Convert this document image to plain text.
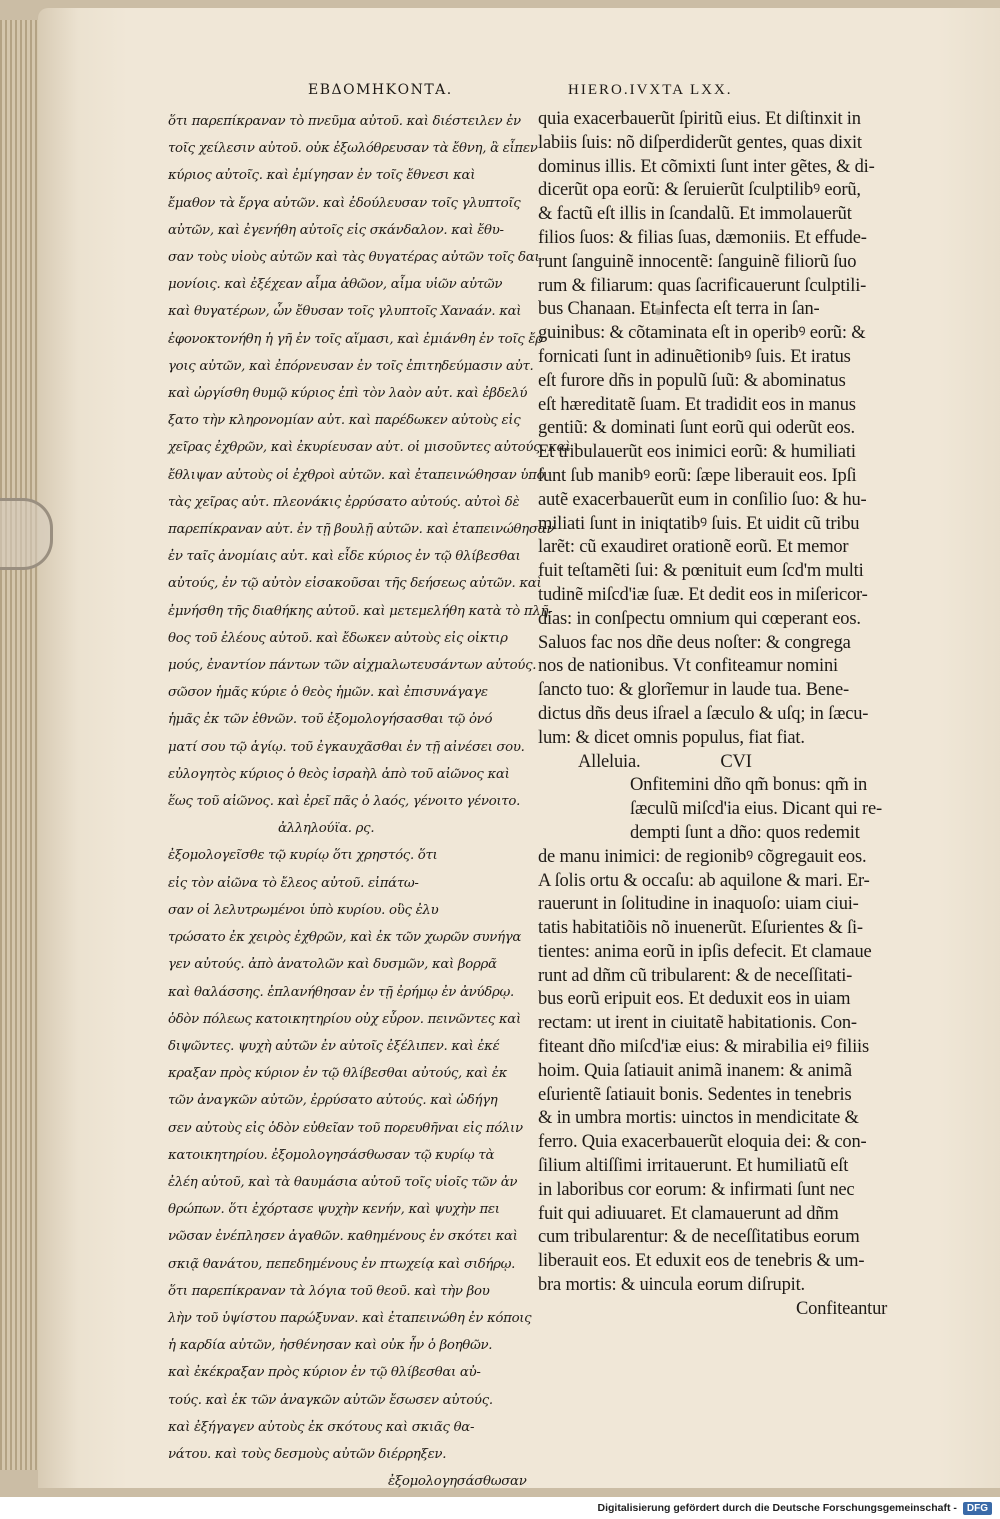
ΕΒΔΟΜΗΚΟΝΤΑ.	HIERO.IVXTA LXX.
ὅτι παρεπίκραναν τὸ πνεῦμα αὐτοῦ. καὶ διέστειλεν ἐν
τοῖς χείλεσιν αὐτοῦ. οὐκ ἐξωλόθρευσαν τὰ ἔθνη, ἃ εἶπεν
κύριος αὐτοῖς. καὶ ἐμίγησαν ἐν τοῖς ἔθνεσι καὶ
ἔμαθον τὰ ἔργα αὐτῶν. καὶ ἐδούλευσαν τοῖς γλυπτοῖς
αὐτῶν, καὶ ἐγενήθη αὐτοῖς εἰς σκάνδαλον. καὶ ἔθυ-
σαν τοὺς υἱοὺς αὐτῶν καὶ τὰς θυγατέρας αὐτῶν τοῖς δαι
μονίοις. καὶ ἐξέχεαν αἷμα ἀθῶον, αἷμα υἱῶν αὐτῶν
καὶ θυγατέρων, ὧν ἔθυσαν τοῖς γλυπτοῖς Χαναάν. καὶ
ἐφονοκτονήθη ἡ γῆ ἐν τοῖς αἵμασι, καὶ ἐμιάνθη ἐν τοῖς ἔρ
γοις αὐτῶν, καὶ ἐπόρνευσαν ἐν τοῖς ἐπιτηδεύμασιν αὐτ.
καὶ ὠργίσθη θυμῷ κύριος ἐπὶ τὸν λαὸν αὐτ. καὶ ἐβδελύ
ξατο τὴν κληρονομίαν αὐτ. καὶ παρέδωκεν αὐτοὺς εἰς
χεῖρας ἐχθρῶν, καὶ ἐκυρίευσαν αὐτ. οἱ μισοῦντες αὐτούς. καὶ
ἔθλιψαν αὐτοὺς οἱ ἐχθροὶ αὐτῶν. καὶ ἐταπεινώθησαν ὑπὸ
τὰς χεῖρας αὐτ. πλεονάκις ἐρρύσατο αὐτούς. αὐτοὶ δὲ
παρεπίκραναν αὐτ. ἐν τῇ βουλῇ αὐτῶν. καὶ ἐταπεινώθησαν
ἐν ταῖς ἀνομίαις αὐτ. καὶ εἶδε κύριος ἐν τῷ θλίβεσθαι
αὐτούς, ἐν τῷ αὐτὸν εἰσακοῦσαι τῆς δεήσεως αὐτῶν. καὶ
ἐμνήσθη τῆς διαθήκης αὐτοῦ. καὶ μετεμελήθη κατὰ τὸ πλῆ-
θος τοῦ ἐλέους αὐτοῦ. καὶ ἔδωκεν αὐτοὺς εἰς οἰκτιρ
μούς, ἐναντίον πάντων τῶν αἰχμαλωτευσάντων αὐτούς.
σῶσον ἡμᾶς κύριε ὁ θεὸς ἡμῶν. καὶ ἐπισυνάγαγε
ἡμᾶς ἐκ τῶν ἐθνῶν. τοῦ ἐξομολογήσασθαι τῷ ὀνό
ματί σου τῷ ἁγίῳ. τοῦ ἐγκαυχᾶσθαι ἐν τῇ αἰνέσει σου.
εὐλογητὸς κύριος ὁ θεὸς ἰσραὴλ ἀπὸ τοῦ αἰῶνος καὶ
ἕως τοῦ αἰῶνος. καὶ ἐρεῖ πᾶς ὁ λαός, γένοιτο γένοιτο.
ἀλληλούϊα. ρς.
ἐξομολογεῖσθε τῷ κυρίῳ ὅτι χρηστός. ὅτι
εἰς τὸν αἰῶνα τὸ ἔλεος αὐτοῦ. εἰπάτω-
σαν οἱ λελυτρωμένοι ὑπὸ κυρίου. οὓς ἐλυ
τρώσατο ἐκ χειρὸς ἐχθρῶν, καὶ ἐκ τῶν χωρῶν συνήγα
γεν αὐτούς. ἀπὸ ἀνατολῶν καὶ δυσμῶν, καὶ βορρᾶ
καὶ θαλάσσης. ἐπλανήθησαν ἐν τῇ ἐρήμῳ ἐν ἀνύδρῳ.
ὁδὸν πόλεως κατοικητηρίου οὐχ εὗρον. πεινῶντες καὶ
διψῶντες. ψυχὴ αὐτῶν ἐν αὐτοῖς ἐξέλιπεν. καὶ ἐκέ
κραξαν πρὸς κύριον ἐν τῷ θλίβεσθαι αὐτούς, καὶ ἐκ
τῶν ἀναγκῶν αὐτῶν, ἐρρύσατο αὐτούς. καὶ ὡδήγη
σεν αὐτοὺς εἰς ὁδὸν εὐθεῖαν τοῦ πορευθῆναι εἰς πόλιν
κατοικητηρίου. ἐξομολογησάσθωσαν τῷ κυρίῳ τὰ
ἐλέη αὐτοῦ, καὶ τὰ θαυμάσια αὐτοῦ τοῖς υἱοῖς τῶν ἀν
θρώπων. ὅτι ἐχόρτασε ψυχὴν κενήν, καὶ ψυχὴν πει
νῶσαν ἐνέπλησεν ἀγαθῶν. καθημένους ἐν σκότει καὶ
σκιᾷ θανάτου, πεπεδημένους ἐν πτωχείᾳ καὶ σιδήρῳ.
ὅτι παρεπίκραναν τὰ λόγια τοῦ θεοῦ. καὶ τὴν βου
λὴν τοῦ ὑψίστου παρώξυναν. καὶ ἐταπεινώθη ἐν κόποις
ἡ καρδία αὐτῶν, ἠσθένησαν καὶ οὐκ ἦν ὁ βοηθῶν.
καὶ ἐκέκραξαν πρὸς κύριον ἐν τῷ θλίβεσθαι αὐ-
τούς. καὶ ἐκ τῶν ἀναγκῶν αὐτῶν ἔσωσεν αὐτούς.
καὶ ἐξήγαγεν αὐτοὺς ἐκ σκότους καὶ σκιᾶς θα-
νάτου. καὶ τοὺς δεσμοὺς αὐτῶν διέρρηξεν.
ἐξομολογησάσθωσαν
quia exacerbauerũt ſpiritũ eius. Et diſtinxit in
labiis ſuis: nõ diſperdiderũt gentes, quas dixit
dominus illis. Et cõmixti ſunt inter gẽtes, & di-
dicerũt opa eorũ: & ſeruierũt ſculptilibꝰ eorũ,
& factũ eſt illis in ſcandalũ. Et immolauerũt
filios ſuos: & filias ſuas, dæmoniis. Et effude-
runt ſanguinẽ innocentẽ: ſanguinẽ filiorũ ſuo
rum & filiarum: quas ſacrificauerunt ſculptili-
bus Chanaan. Et infecta eſt terra in ſan-
guinibus: & cõtaminata eſt in operibꝰ eorũ: &
fornicati ſunt in adinuẽtionibꝰ ſuis. Et iratus
eſt furore dñs in populũ ſuũ: & abominatus
eſt hæreditatẽ ſuam. Et tradidit eos in manus
gentiũ: & dominati ſunt eorũ qui oderũt eos.
Et tribulauerũt eos inimici eorũ: & humiliati
ſunt ſub manibꝰ eorũ: ſæpe liberauit eos. Ipſi
autẽ exacerbauerũt eum in conſilio ſuo: & hu-
miliati ſunt in iniqtatibꝰ ſuis. Et uidit cũ tribu
larẽt: cũ exaudiret orationẽ eorũ. Et memor
fuit teſtamẽti ſui: & pœnituit eum ſcd'm multi
tudinẽ miſcd'iæ ſuæ. Et dedit eos in miſericor-
dias: in conſpectu omnium qui cœperant eos.
Saluos fac nos dñe deus noſter: & congrega
nos de nationibus. Vt confiteamur nomini
ſancto tuo: & glorĩemur in laude tua. Bene-
dictus dñs deus iſrael a ſæculo & uſq; in ſæcu-
lum: & dicet omnis populus, fiat fiat.
Alleluia.	CVI
Onfitemini dño qm̃ bonus: qm̃ in
ſæculũ miſcd'ia eius. Dicant qui re-
dempti ſunt a dño: quos redemit
de manu inimici: de regionibꝰ cõgregauit eos.
A ſolis ortu & occaſu: ab aquilone & mari. Er-
rauerunt in ſolitudine in inaquoſo: uiam ciui-
tatis habitatiõis nõ inuenerũt. Eſurientes & ſi-
tientes: anima eorũ in ipſis defecit. Et clamaue
runt ad dñm cũ tribularent: & de neceſſitati-
bus eorũ eripuit eos. Et deduxit eos in uiam
rectam: ut irent in ciuitatẽ habitationis. Con-
fiteant dño miſcd'iæ eius: & mirabilia eiꝰ filiis
hoim. Quia ſatiauit animã inanem: & animã
eſurientẽ ſatiauit bonis. Sedentes in tenebris
& in umbra mortis: uinctos in mendicitate &
ferro. Quia exacerbauerũt eloquia dei: & con-
ſilium altiſſimi irritauerunt. Et humiliatũ eſt
in laboribus cor eorum: & infirmati ſunt nec
fuit qui adiuuaret. Et clamauerunt ad dñm
cum tribularentur: & de neceſſitatibus eorum
liberauit eos. Et eduxit eos de tenebris & um-
bra mortis: & uincula eorum diſrupit.
Confiteantur
Digitalisierung gefördert durch die Deutsche Forschungsgemeinschaft -	DFG
